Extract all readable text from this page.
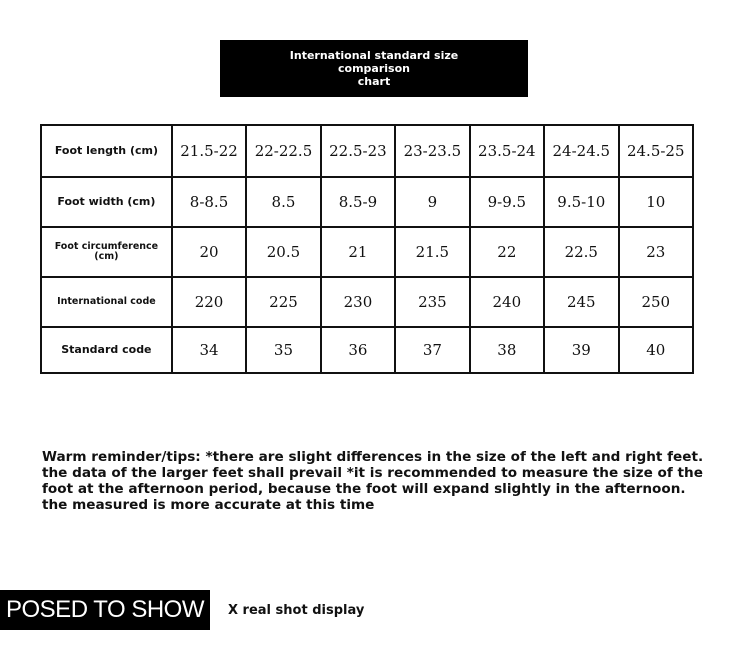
International standard size comparison
chart
Foot length (cm)	21.5-22	22-22.5	22.5-23	23-23.5	23.5-24	24-24.5	24.5-25
Foot width (cm)	8-8.5	8.5	8.5-9	9	9-9.5	9.5-10	10
Foot circumference
(cm)	20	20.5	21	21.5	22	22.5	23
International code	220	225	230	235	240	245	250
Standard code	34	35	36	37	38	39	40
Warm reminder/tips: *there are slight differences in the size of the left and right feet.
the data of the larger feet shall prevail *it is recommended to measure the size of the
foot at the afternoon period, because the foot will expand slightly in the afternoon.
the measured is more accurate at this time
POSED TO SHOW	X real shot display
